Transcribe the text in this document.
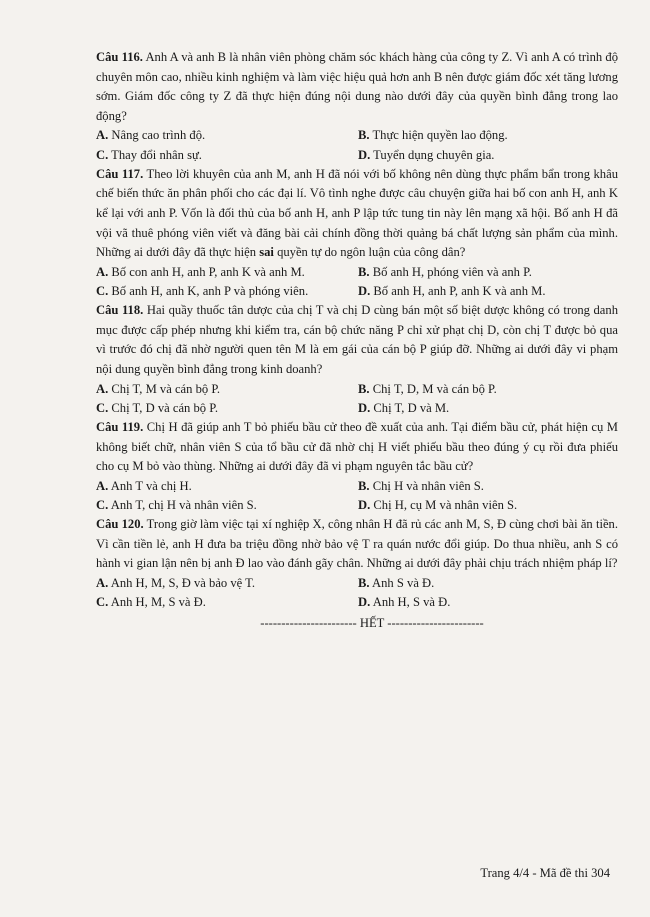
Câu 116. Anh A và anh B là nhân viên phòng chăm sóc khách hàng của công ty Z. Vì anh A có trình độ chuyên môn cao, nhiều kinh nghiệm và làm việc hiệu quả hơn anh B nên được giám đốc xét tăng lương sớm. Giám đốc công ty Z đã thực hiện đúng nội dung nào dưới đây của quyền bình đẳng trong lao động?

A. Nâng cao trình độ.	B. Thực hiện quyền lao động.
C. Thay đổi nhân sự.	D. Tuyển dụng chuyên gia.

Câu 117. Theo lời khuyên của anh M, anh H đã nói với bố không nên dùng thực phẩm bẩn trong khâu chế biến thức ăn phân phối cho các đại lí. Vô tình nghe được câu chuyện giữa hai bố con anh H, anh K kể lại với anh P. Vốn là đối thủ của bố anh H, anh P lập tức tung tin này lên mạng xã hội. Bố anh H đã vội vã thuê phóng viên viết và đăng bài cải chính đồng thời quảng bá chất lượng sản phẩm của mình. Những ai dưới đây đã thực hiện sai quyền tự do ngôn luận của công dân?

A. Bố con anh H, anh P, anh K và anh M.	B. Bố anh H, phóng viên và anh P.
C. Bố anh H, anh K, anh P và phóng viên.	D. Bố anh H, anh P, anh K và anh M.

Câu 118. Hai quầy thuốc tân dược của chị T và chị D cùng bán một số biệt dược không có trong danh mục được cấp phép nhưng khi kiểm tra, cán bộ chức năng P chỉ xử phạt chị D, còn chị T được bỏ qua vì trước đó chị đã nhờ người quen tên M là em gái của cán bộ P giúp đỡ. Những ai dưới đây vi phạm nội dung quyền bình đẳng trong kinh doanh?

A. Chị T, M và cán bộ P.	B. Chị T, D, M và cán bộ P.
C. Chị T, D và cán bộ P.	D. Chị T, D và M.

Câu 119. Chị H đã giúp anh T bỏ phiếu bầu cử theo đề xuất của anh. Tại điểm bầu cử, phát hiện cụ M không biết chữ, nhân viên S của tổ bầu cử đã nhờ chị H viết phiếu bầu theo đúng ý cụ rồi đưa phiếu cho cụ M bỏ vào thùng. Những ai dưới đây đã vi phạm nguyên tắc bầu cử?

A. Anh T và chị H.	B. Chị H và nhân viên S.
C. Anh T, chị H và nhân viên S.	D. Chị H, cụ M và nhân viên S.

Câu 120. Trong giờ làm việc tại xí nghiệp X, công nhân H đã rủ các anh M, S, Đ cùng chơi bài ăn tiền. Vì cần tiền lẻ, anh H đưa ba triệu đồng nhờ bảo vệ T ra quán nước đổi giúp. Do thua nhiều, anh S có hành vi gian lận nên bị anh Đ lao vào đánh gãy chân. Những ai dưới đây phải chịu trách nhiệm pháp lí?

A. Anh H, M, S, Đ và bảo vệ T.	B. Anh S và Đ.
C. Anh H, M, S và Đ.	D. Anh H, S và Đ.
----------------------- HẾT -----------------------
Trang 4/4 - Mã đề thi 304
